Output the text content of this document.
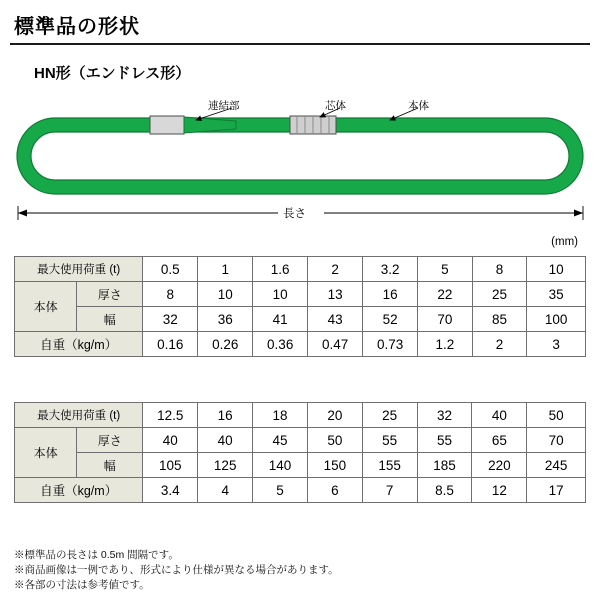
標準品の形状
HN形（エンドレス形）
連結部	芯体	本体
長さ
(mm)
最大使用荷重 (t)		0.5	1	1.6	2	3.2	5	8	10
本体	厚さ	8	10	10	13	16	22	25	35
	幅	32	36	41	43	52	70	85	100
自重（kg/m）		0.16	0.26	0.36	0.47	0.73	1.2	2	3
最大使用荷重 (t)		12.5	16	18	20	25	32	40	50
本体	厚さ	40	40	45	50	55	55	65	70
	幅	105	125	140	150	155	185	220	245
自重（kg/m）		3.4	4	5	6	7	8.5	12	17
※標準品の長さは 0.5m 間隔です。
※商品画像は一例であり、形式により仕様が異なる場合があります。
※各部の寸法は参考値です。
